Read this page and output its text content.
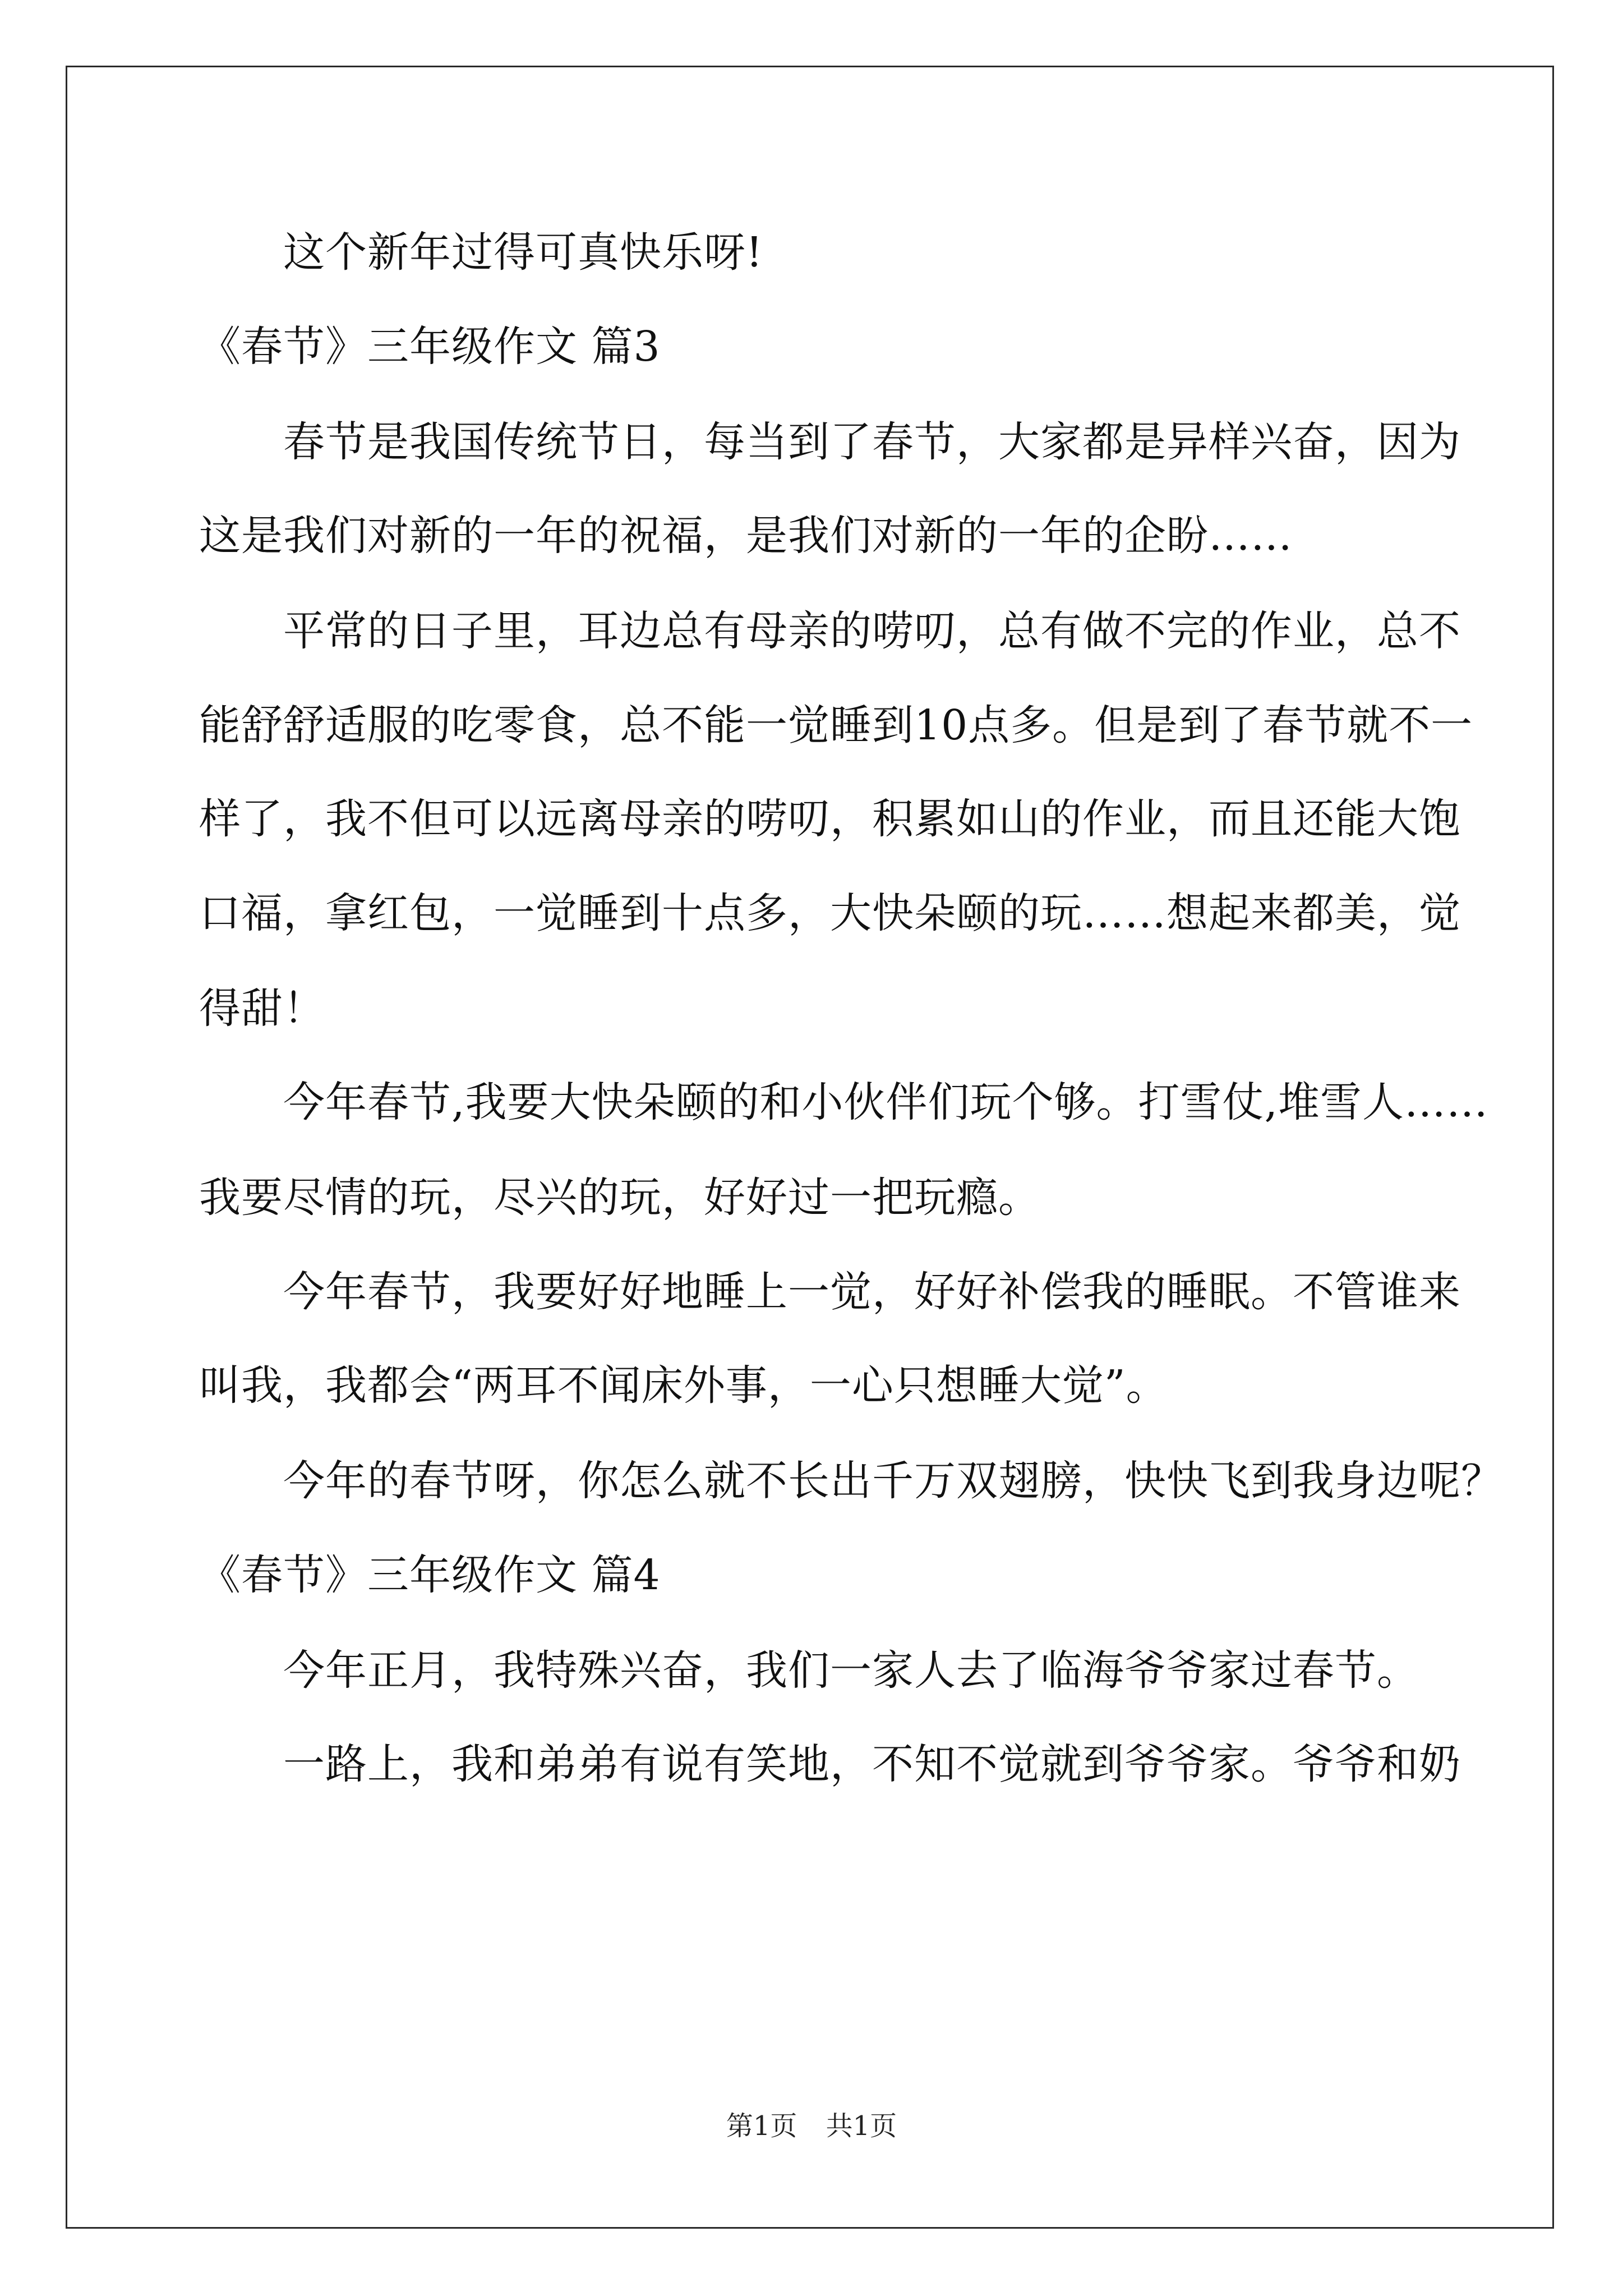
这个新年过得可真快乐呀!
《春节》三年级作文 篇3
春节是我国传统节日，每当到了春节，大家都是异样兴奋，因为
这是我们对新的一年的祝福，是我们对新的一年的企盼……
平常的日子里，耳边总有母亲的唠叨，总有做不完的作业，总不
能舒舒适服的吃零食，总不能一觉睡到10点多。但是到了春节就不一
样了，我不但可以远离母亲的唠叨，积累如山的作业，而且还能大饱
口福，拿红包，一觉睡到十点多，大快朵颐的玩……想起来都美，觉
得甜！
今年春节,我要大快朵颐的和小伙伴们玩个够。打雪仗,堆雪人……
我要尽情的玩，尽兴的玩，好好过一把玩瘾。
今年春节，我要好好地睡上一觉，好好补偿我的睡眠。不管谁来
叫我，我都会“两耳不闻床外事，一心只想睡大觉”。
今年的春节呀，你怎么就不长出千万双翅膀，快快飞到我身边呢？
《春节》三年级作文 篇4
今年正月，我特殊兴奋，我们一家人去了临海爷爷家过春节。
一路上，我和弟弟有说有笑地，不知不觉就到爷爷家。爷爷和奶
第1页 共1页
